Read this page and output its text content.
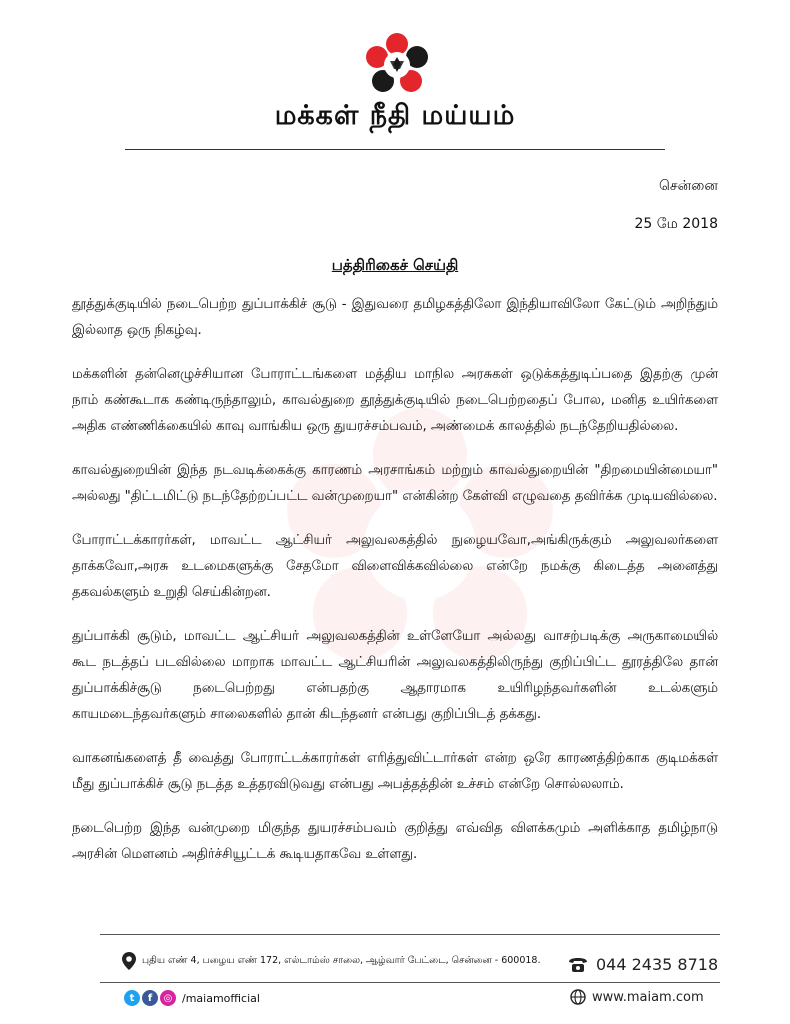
மக்கள் நீதி மய்யம்
சென்னை
25 மே 2018
பத்திரிகைச் செய்தி

தூத்துக்குடியில் நடைபெற்ற துப்பாக்கிச் சூடு - இதுவரை தமிழகத்திலோ இந்தியாவிலோ கேட்டும் அறிந்தும் இல்லாத ஒரு நிகழ்வு.

மக்களின் தன்னெழுச்சியான போராட்டங்களை மத்திய மாநில அரசுகள் ஒடுக்கத்துடிப்பதை இதற்கு முன் நாம் கண்கூடாக கண்டிருந்தாலும், காவல்துறை தூத்துக்குடியில் நடைபெற்றதைப் போல, மனித உயிர்களை அதிக எண்ணிக்கையில் காவு வாங்கிய ஒரு துயரச்சம்பவம், அண்மைக் காலத்தில் நடந்தேறியதில்லை.

காவல்துறையின் இந்த நடவடிக்கைக்கு காரணம் அரசாங்கம் மற்றும் காவல்துறையின் "திறமையின்மையா" அல்லது "திட்டமிட்டு நடந்தேற்றப்பட்ட வன்முறையா" என்கின்ற கேள்வி எழுவதை தவிர்க்க முடியவில்லை.

போராட்டக்காரர்கள், மாவட்ட ஆட்சியர் அலுவலகத்தில் நுழையவோ,அங்கிருக்கும் அலுவலர்களை தாக்கவோ,அரசு உடமைகளுக்கு சேதமோ விளைவிக்கவில்லை என்றே நமக்கு கிடைத்த அனைத்து தகவல்களும் உறுதி செய்கின்றன.

துப்பாக்கி சூடும், மாவட்ட ஆட்சியர் அலுவலகத்தின் உள்ளேயோ அல்லது வாசற்படிக்கு அருகாமையில் கூட நடத்தப் படவில்லை மாறாக மாவட்ட ஆட்சியரின் அலுவலகத்திலிருந்து குறிப்பிட்ட தூரத்திலே தான் துப்பாக்கிச்சூடு நடைபெற்றது என்பதற்கு ஆதாரமாக உயிரிழந்தவர்களின் உடல்களும் காயமடைந்தவர்களும் சாலைகளில் தான் கிடந்தனர் என்பது குறிப்பிடத் தக்கது.

வாகனங்களைத் தீ வைத்து போராட்டக்காரர்கள் எரித்துவிட்டார்கள் என்ற ஒரே காரணத்திற்காக குடிமக்கள் மீது துப்பாக்கிச் சூடு நடத்த உத்தரவிடுவது என்பது அபத்தத்தின் உச்சம் என்றே சொல்லலாம்.

நடைபெற்ற இந்த வன்முறை மிகுந்த துயரச்சம்பவம் குறித்து எவ்வித விளக்கமும் அளிக்காத தமிழ்நாடு அரசின் மௌனம் அதிர்ச்சியூட்டக் கூடியதாகவே உள்ளது.

புதிய எண் 4, பழைய எண் 172, எல்டாம்ஸ் சாலை, ஆழ்வார் பேட்டை, சென்னை - 600018.	044 2435 8718
t	f	◎ /maiamofficial	www.maiam.com
